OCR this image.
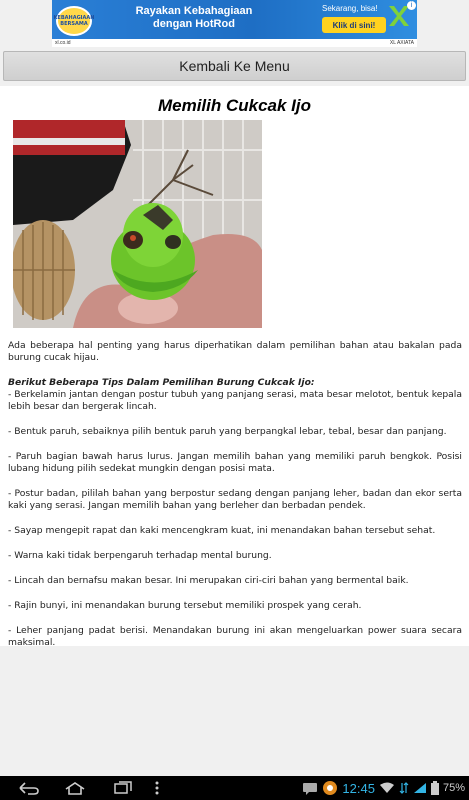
KEBAHAGIAAN BERSAMA
Rayakan Kebahagiaan dengan HotRod
Sekarang, bisa!
Klik di sini!
i
xl.co.id	XL AXIATA
Kembali Ke Menu
Memilih Cukcak Ijo

Ada beberapa hal penting yang harus diperhatikan dalam pemilihan bahan atau bakalan pada burung cucak hijau.

Berikut Beberapa Tips Dalam Pemilihan Burung Cukcak Ijo:

- Berkelamin jantan dengan postur tubuh yang panjang serasi, mata besar melotot, bentuk kepala lebih besar dan bergerak lincah.

- Bentuk paruh, sebaiknya pilih bentuk paruh yang berpangkal lebar, tebal, besar dan panjang.

- Paruh bagian bawah harus lurus. Jangan memilih bahan yang memiliki paruh bengkok. Posisi lubang hidung pilih sedekat mungkin dengan posisi mata.

- Postur badan, pililah bahan yang berpostur sedang dengan panjang leher, badan dan ekor serta kaki yang serasi. Jangan memilih bahan yang berleher dan berbadan pendek.

- Sayap mengepit rapat dan kaki mencengkram kuat, ini menandakan bahan tersebut sehat.

- Warna kaki tidak berpengaruh terhadap mental burung.

- Lincah dan bernafsu makan besar. Ini merupakan ciri-ciri bahan yang bermental baik.

- Rajin bunyi, ini menandakan burung tersebut memiliki prospek yang cerah.

- Leher panjang padat berisi. Menandakan burung ini akan mengeluarkan power suara secara maksimal.

12:45	75%
